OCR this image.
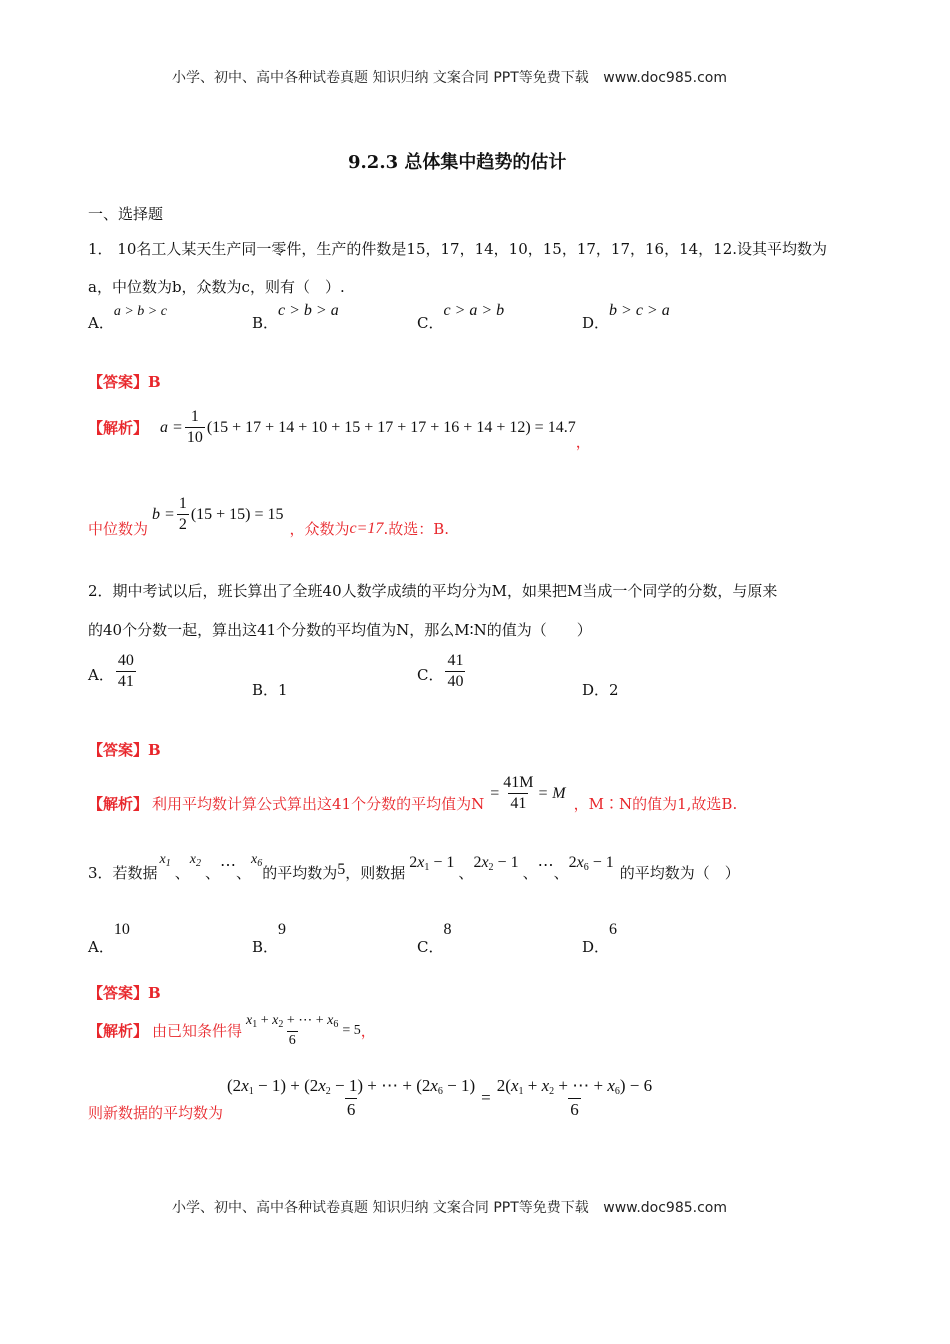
小学、初中、高中各种试卷真题 知识归纳 文案合同 PPT等免费下载 www.doc985.com
9.2.3 总体集中趋势的估计
一、选择题
1． 10名工人某天生产同一零件，生产的件数是15，17，14，10，15，17，17，16，14，12.设其平均数为
a，中位数为b，众数为c，则有（　）.
A．a > b > c
B．c > b > a
C．c > a > b
D．b > c > a
【答案】B
【解析】 $a = \frac{1}{10} (15 + 17 + 14 + 10 + 15 + 17 + 17 + 16 + 14 + 12) = 14.7$
，
中位数为
$b = \frac{1}{2} (15 + 15) = 15$
，众数为 c=17 .故选：B.
2．期中考试以后，班长算出了全班40人数学成绩的平均分为M，如果把M当成一个同学的分数，与原来
的40个分数一起，算出这41个分数的平均值为N，那么M∶N的值为（　　）
A． $\frac{40}{41}$	B．1
C． $\frac{41}{40}$	D．2
【答案】B
【解析】 利用平均数计算公式算出这41个分数的平均值为N
= $\frac{41M}{41} = M$
，M∶N的值为1,故选B.
3．若数据
$x_1$
、
$x_2$
、 ⋯ 、
$x_6$
的平均数为 5 ，则数据
$2x_1 - 1$
、
$2x_2 - 1$
、 ⋯ 、
$2x_6 - 1$
的平均数为（　）
A．
10
B．
9
C．
8
D．
6
【答案】B
【解析】 由已知条件得 $\frac{x_1 + x_2 + \cdots + x_6}{6} = 5$ ，
则新数据的平均数为 $\frac{(2x_1 - 1) + (2x_2 - 1) + \cdots + (2x_6 - 1)}{6} = \frac{2(x_1 + x_2 + \cdots + x_6) - 6}{6}$
小学、初中、高中各种试卷真题 知识归纳 文案合同 PPT等免费下载 www.doc985.com
